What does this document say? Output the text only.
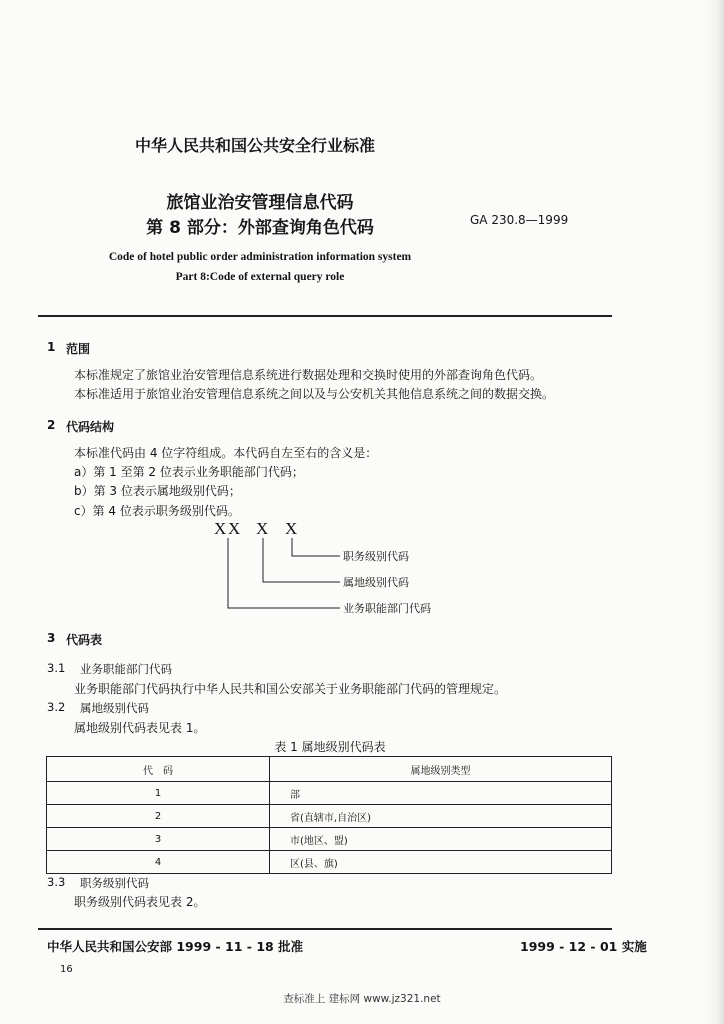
中华人民共和国公共安全行业标准
旅馆业治安管理信息代码
第 8 部分：外部查询角色代码	GA 230.8—1999
Code of hotel public order administration information system
Part 8:Code of external query role
1 范围
本标准规定了旅馆业治安管理信息系统进行数据处理和交换时使用的外部查询角色代码。
本标准适用于旅馆业治安管理信息系统之间以及与公安机关其他信息系统之间的数据交换。
2 代码结构
本标准代码由 4 位字符组成。本代码自左至右的含义是：
a）第 1 至第 2 位表示业务职能部门代码；
b）第 3 位表示属地级别代码；
c）第 4 位表示职务级别代码。
X X X X
职务级别代码
属地级别代码
业务职能部门代码
3 代码表
3.1 业务职能部门代码
业务职能部门代码执行中华人民共和国公安部关于业务职能部门代码的管理规定。
3.2 属地级别代码
属地级别代码表见表 1。
表 1 属地级别代码表
代　码	属地级别类型
1	部
2	省(直辖市,自治区)
3	市(地区、盟)
4	区(县、旗)
3.3 职务级别代码
职务级别代码表见表 2。
中华人民共和国公安部 1999 - 11 - 18 批准	1999 - 12 - 01 实施
16
查标准上 建标网 www.jz321.net
